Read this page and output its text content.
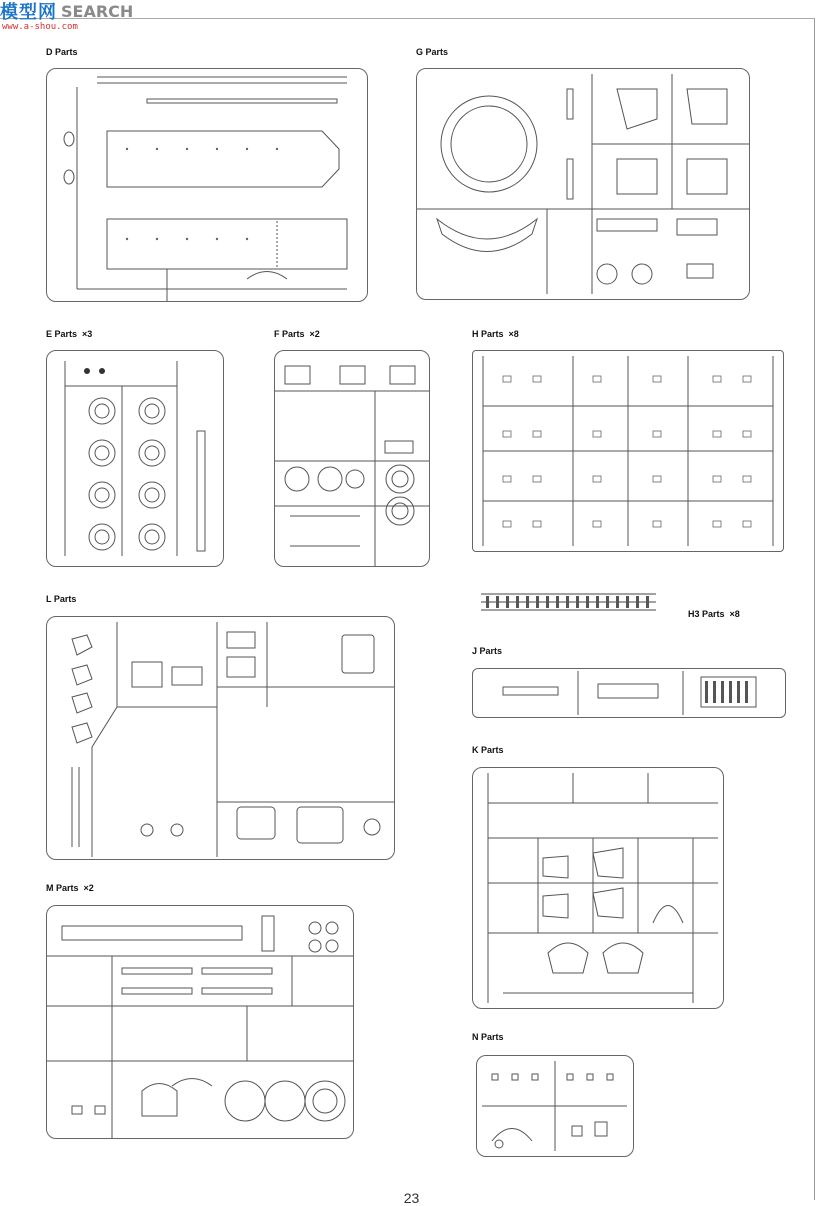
模型网 SEARCH
www.a-shou.com
D Parts	G Parts
E Parts ×3	F Parts ×2	H Parts ×8
H3 Parts ×8
L Parts
J Parts
K Parts
M Parts ×2
N Parts
23
